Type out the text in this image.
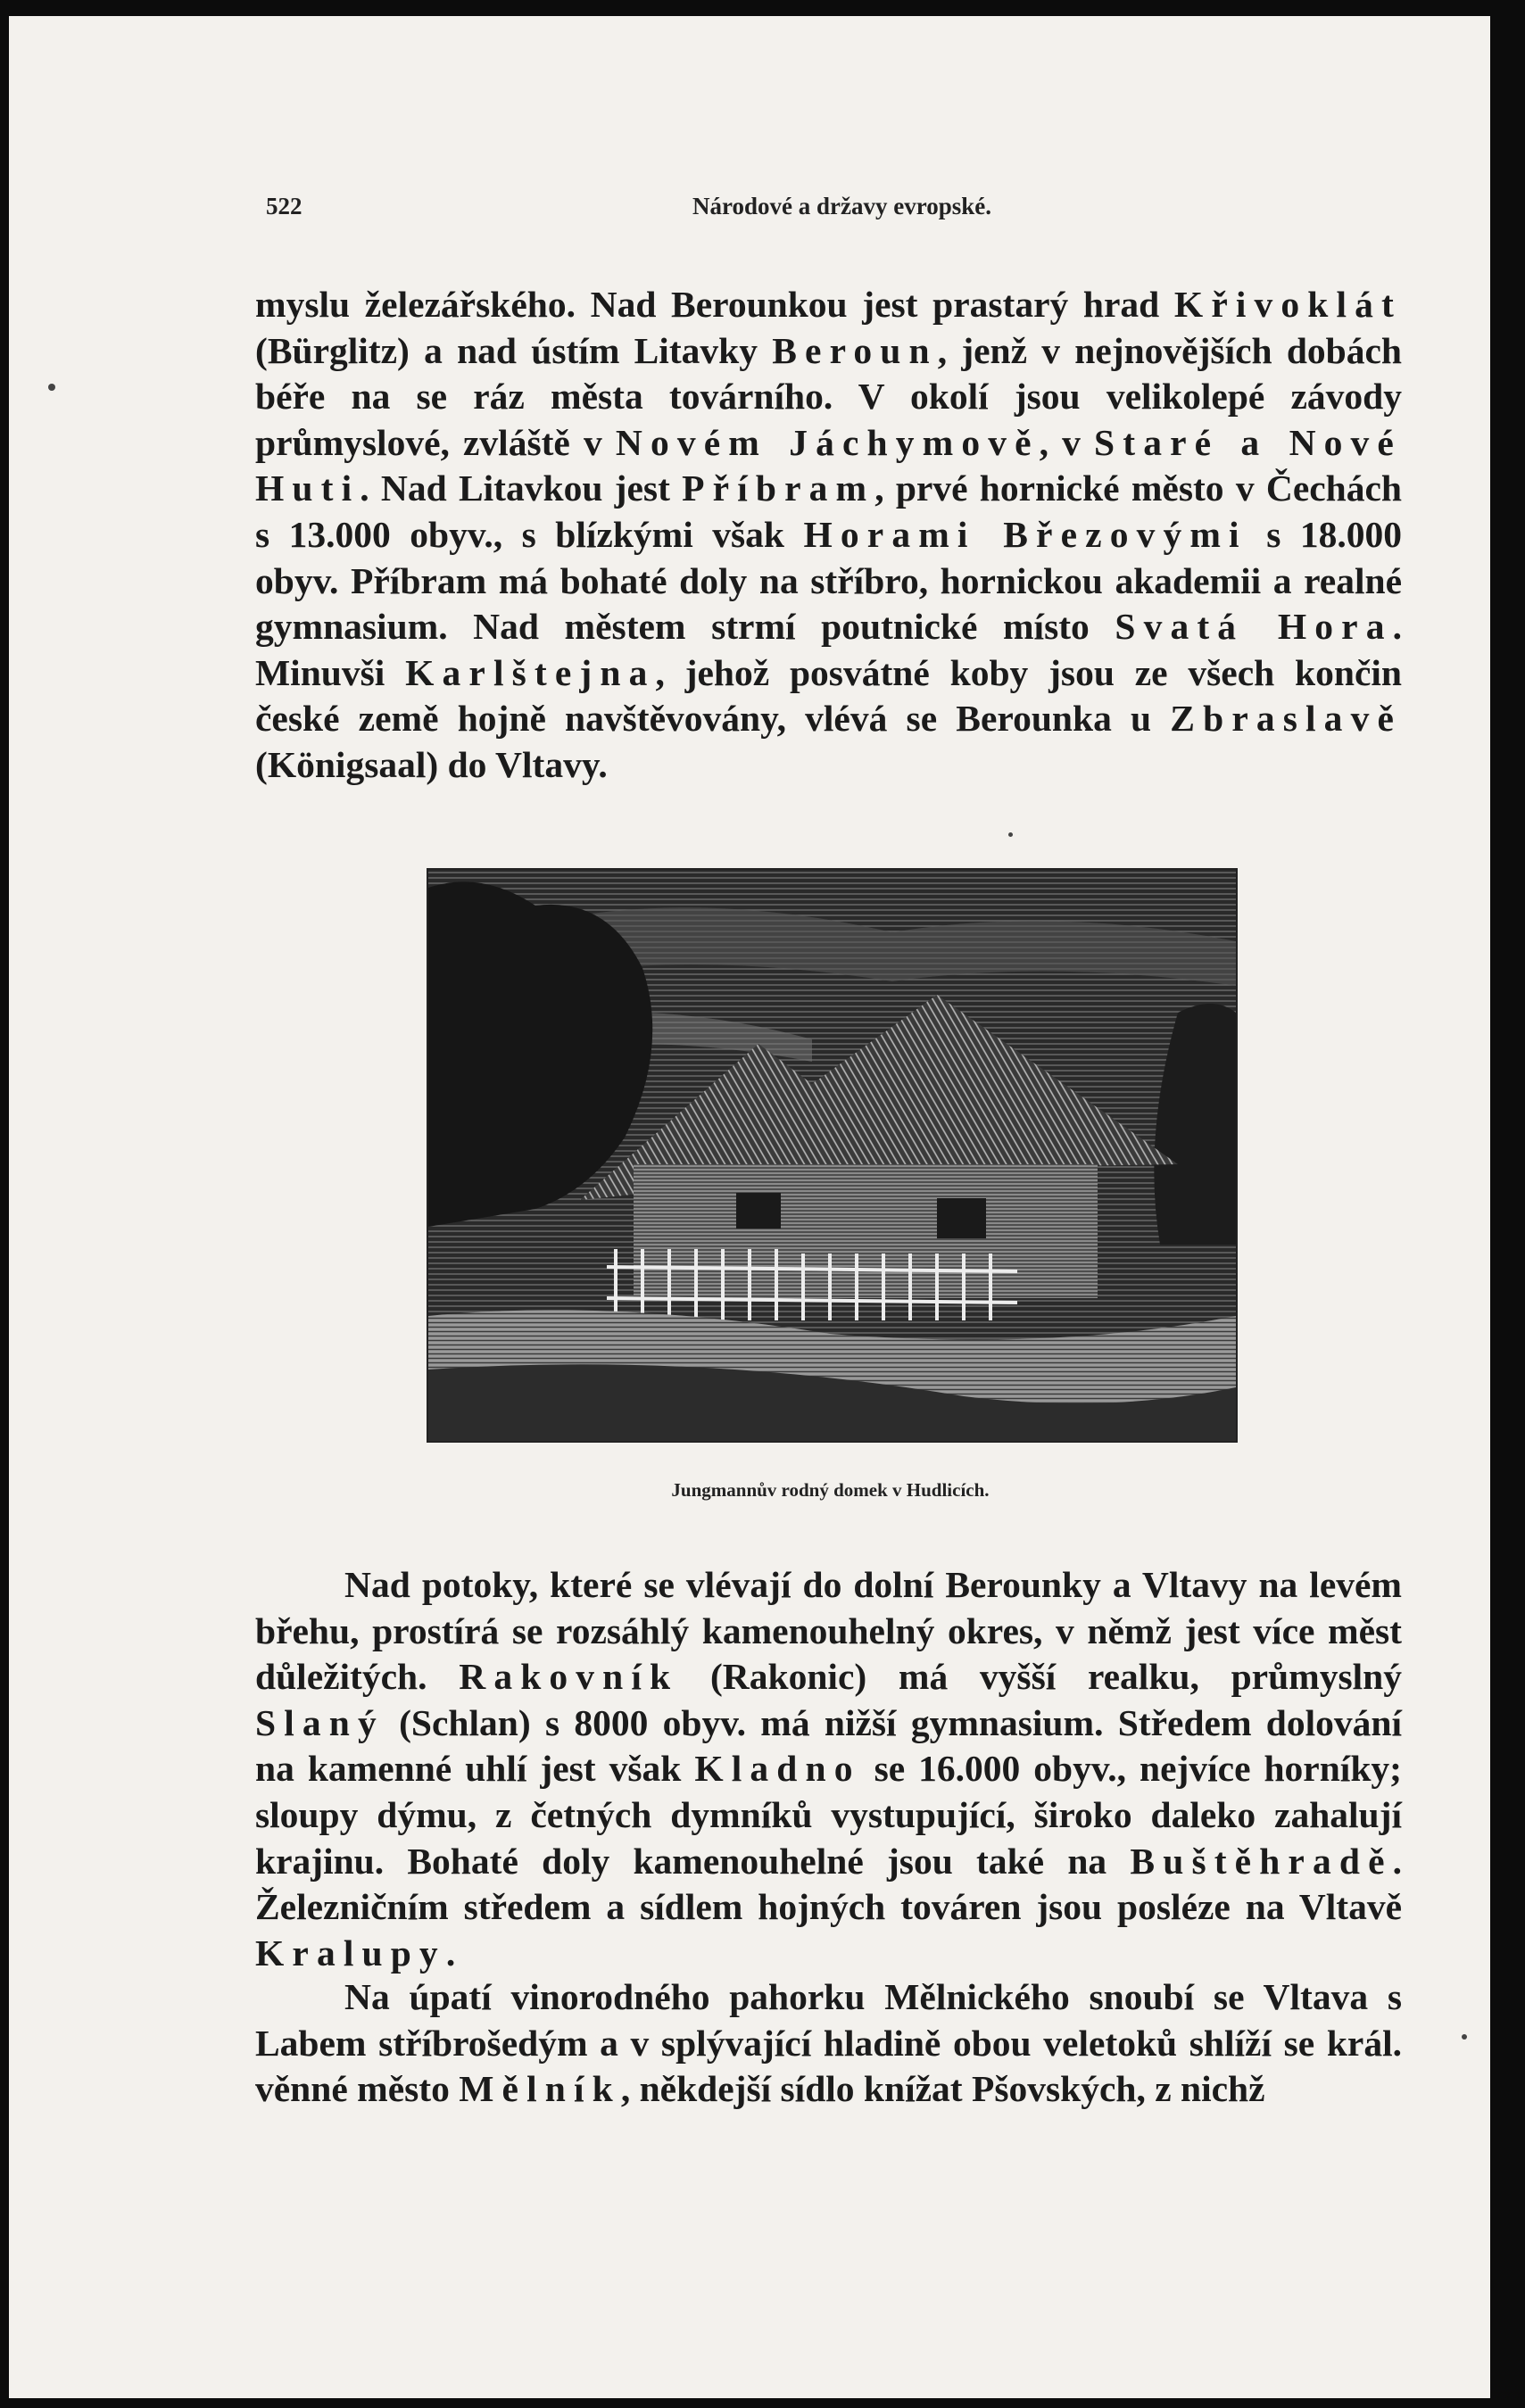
522	Národové a državy evropské.

myslu železářského. Nad Berounkou jest prastarý hrad Křivoklát (Bürglitz) a nad ústím Litavky Beroun, jenž v nejnovějších dobách béře na se ráz města továrního. V okolí jsou velikolepé závody průmyslové, zvláště v Novém Jáchymově, v Staré a Nové Huti. Nad Litavkou jest Příbram, prvé hornické město v Čechách s 13.000 obyv., s blízkými však Horami Březovými s 18.000 obyv. Příbram má bohaté doly na stříbro, hornickou akademii a realné gymnasium. Nad městem strmí poutnické místo Svatá Hora. Minuvši Karlštejna, jehož posvátné koby jsou ze všech končin české země hojně navštěvovány, vlévá se Berounka u Zbraslavě (Königsaal) do Vltavy.

Jungmannův rodný domek v Hudlicích.

Nad potoky, které se vlévají do dolní Berounky a Vltavy na levém břehu, prostírá se rozsáhlý kamenouhelný okres, v němž jest více měst důležitých. Rakovník (Rakonic) má vyšší realku, průmyslný Slaný (Schlan) s 8000 obyv. má nižší gymnasium. Středem dolování na kamenné uhlí jest však Kladno se 16.000 obyv., nejvíce horníky; sloupy dýmu, z četných dymníků vystupující, široko daleko zahalují krajinu. Bohaté doly kamenouhelné jsou také na Buštěhradě. Železničním středem a sídlem hojných továren jsou posléze na Vltavě Kralupy.

Na úpatí vinorodného pahorku Mělnického snoubí se Vltava s Labem stříbrošedým a v splývající hladině obou veletoků shlíží se král. věnné město Mělník, někdejší sídlo knížat Pšovských, z nichž
